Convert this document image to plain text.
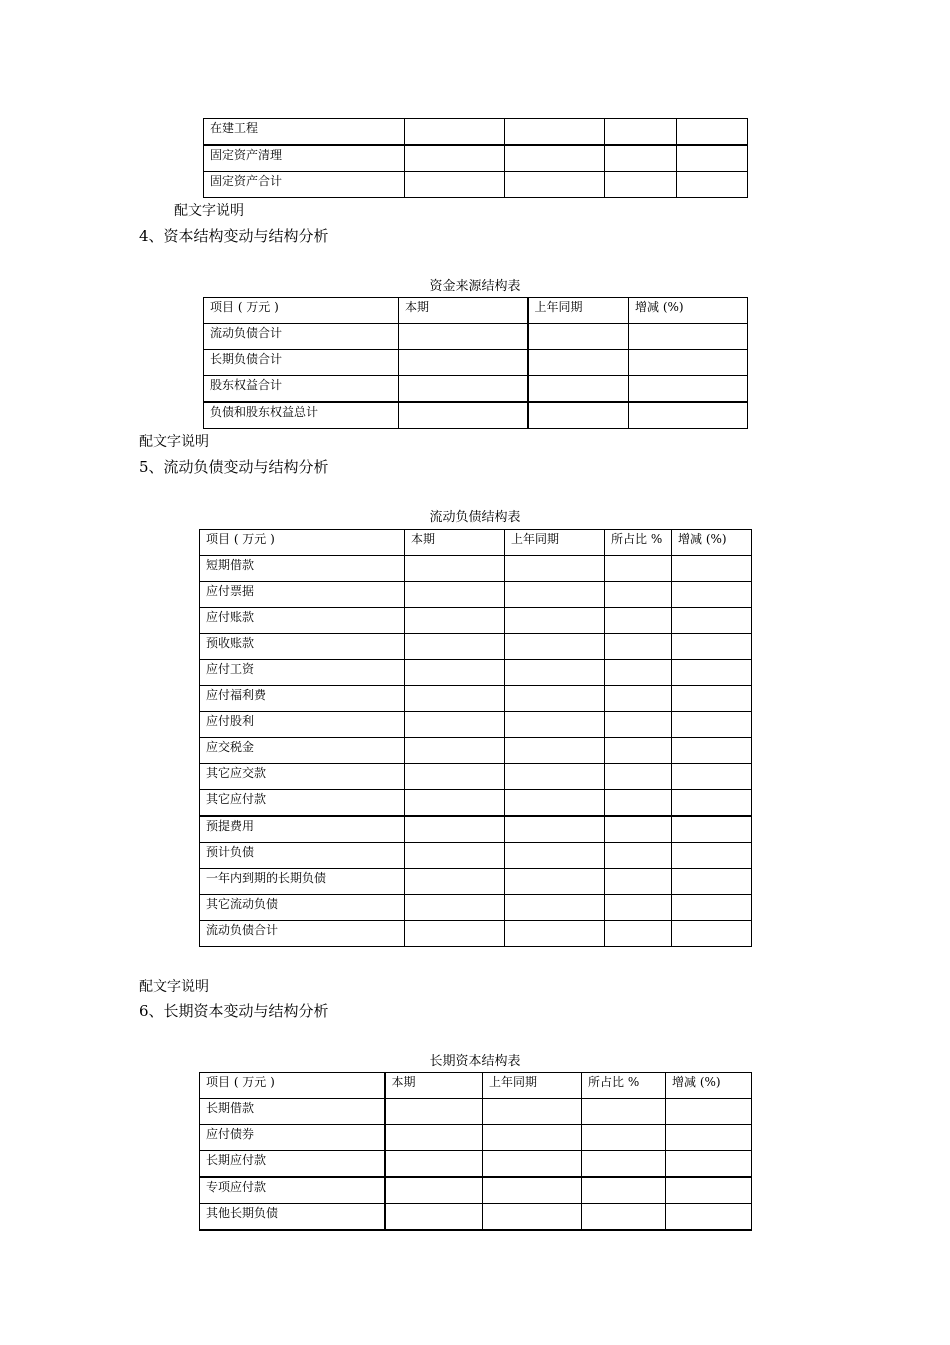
在建工程				
固定资产清理				
固定资产合计				
配文字说明
4、资本结构变动与结构分析
资金来源结构表
项目 ( 万元 )	本期	上年同期	增减 (%)
流动负债合计			
长期负债合计			
股东权益合计			
负债和股东权益总计			
配文字说明
5、流动负债变动与结构分析
流动负债结构表
项目 ( 万元 )	本期	上年同期	所占比 %	增减 (%)
短期借款				
应付票据				
应付账款				
预收账款				
应付工资				
应付福利费				
应付股利				
应交税金				
其它应交款				
其它应付款				
预提费用				
预计负债				
一年内到期的长期负债				
其它流动负债				
流动负债合计				
配文字说明
6、长期资本变动与结构分析
长期资本结构表
项目 ( 万元 )	本期	上年同期	所占比 %	增减 (%)
长期借款				
应付债券				
长期应付款				
专项应付款				
其他长期负债				
